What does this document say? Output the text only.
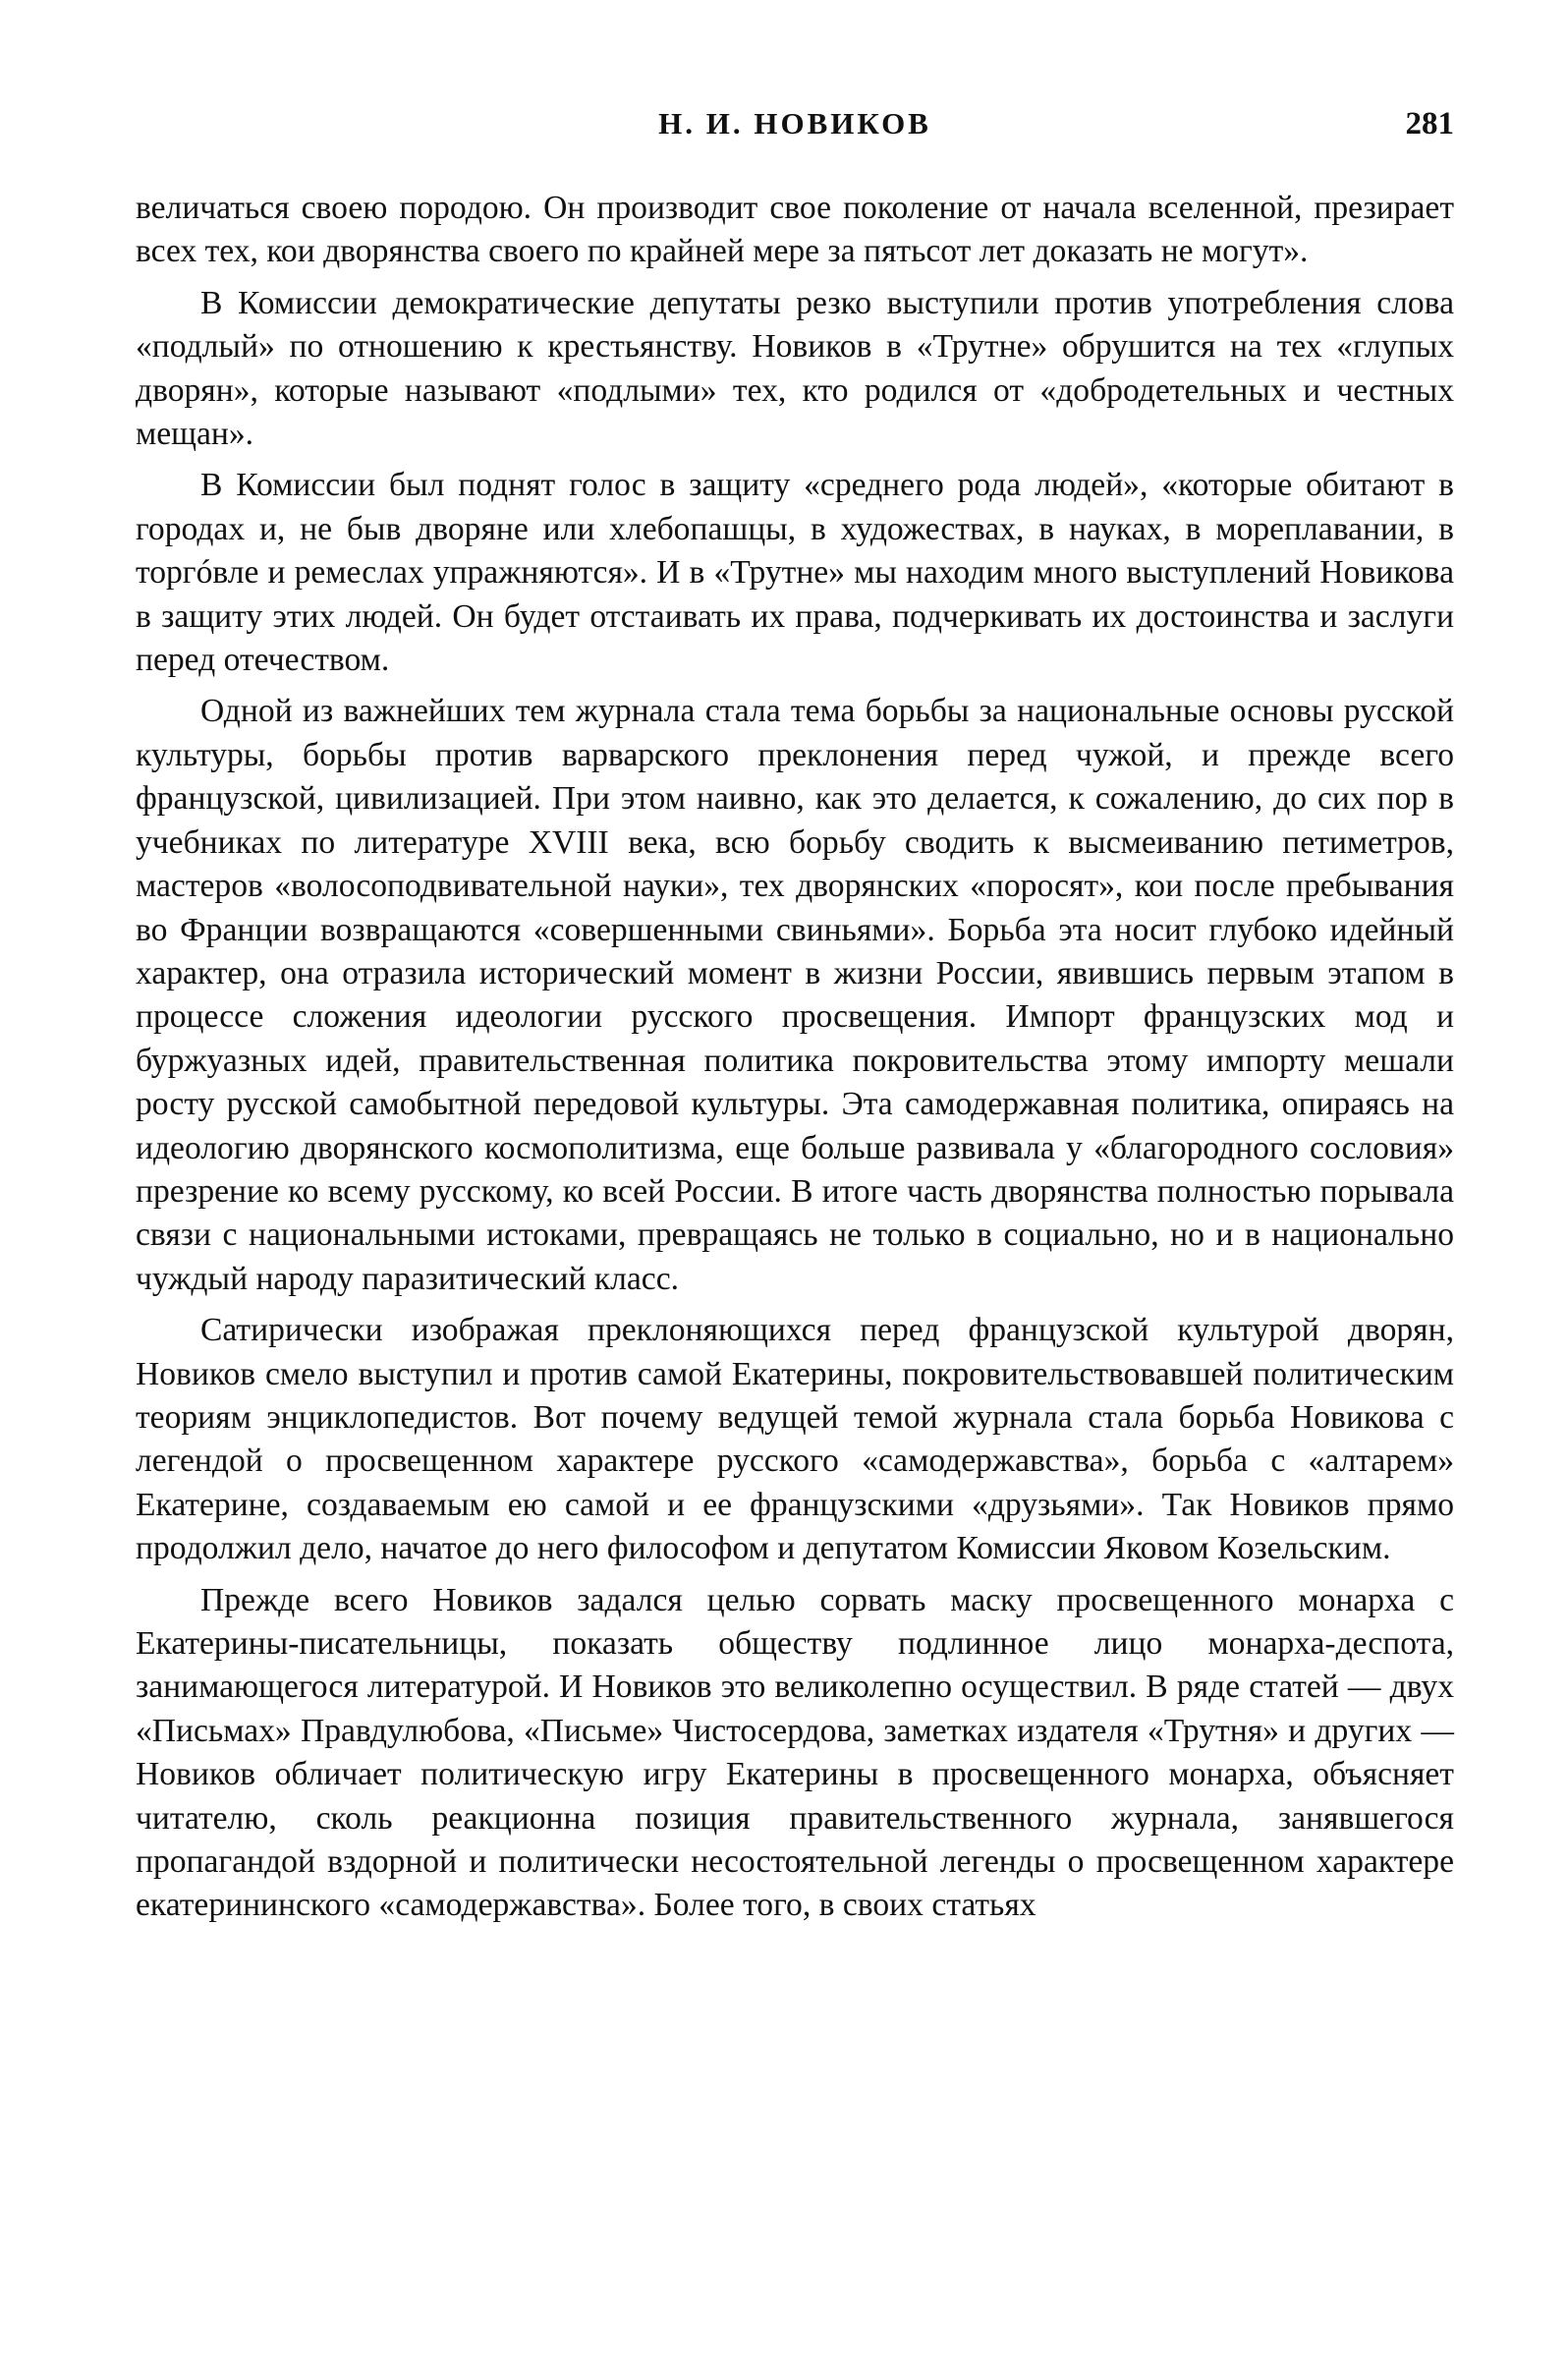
Н. И. НОВИКОВ	281

величаться своею породою. Он производит свое поколение от начала вселенной, презирает всех тех, кои дворянства своего по крайней мере за пятьсот лет доказать не могут».

В Комиссии демократические депутаты резко выступили против употребления слова «подлый» по отношению к крестьянству. Новиков в «Трутне» обрушится на тех «глупых дворян», которые называют «подлыми» тех, кто родился от «добродетельных и честных мещан».

В Комиссии был поднят голос в защиту «среднего рода людей», «которые обитают в городах и, не быв дворяне или хлебопашцы, в художествах, в науках, в мореплавании, в торгóвле и ремеслах упражняются». И в «Трутне» мы находим много выступлений Новикова в защиту этих людей. Он будет отстаивать их права, подчеркивать их достоинства и заслуги перед отечеством.

Одной из важнейших тем журнала стала тема борьбы за национальные основы русской культуры, борьбы против варварского преклонения перед чужой, и прежде всего французской, цивилизацией. При этом наивно, как это делается, к сожалению, до сих пор в учебниках по литературе XVIII века, всю борьбу сводить к высмеиванию петиметров, мастеров «волосоподвивательной науки», тех дворянских «поросят», кои после пребывания во Франции возвращаются «совершенными свиньями». Борьба эта носит глубоко идейный характер, она отразила исторический момент в жизни России, явившись первым этапом в процессе сложения идеологии русского просвещения. Импорт французских мод и буржуазных идей, правительственная политика покровительства этому импорту мешали росту русской самобытной передовой культуры. Эта самодержавная политика, опираясь на идеологию дворянского космополитизма, еще больше развивала у «благородного сословия» презрение ко всему русскому, ко всей России. В итоге часть дворянства полностью порывала связи с национальными истоками, превращаясь не только в социально, но и в национально чуждый народу паразитический класс.

Сатирически изображая преклоняющихся перед французской культурой дворян, Новиков смело выступил и против самой Екатерины, покровительствовавшей политическим теориям энциклопедистов. Вот почему ведущей темой журнала стала борьба Новикова с легендой о просвещенном характере русского «самодержавства», борьба с «алтарем» Екатерине, создаваемым ею самой и ее французскими «друзьями». Так Новиков прямо продолжил дело, начатое до него философом и депутатом Комиссии Яковом Козельским.

Прежде всего Новиков задался целью сорвать маску просвещенного монарха с Екатерины-писательницы, показать обществу подлинное лицо монарха-деспота, занимающегося литературой. И Новиков это великолепно осуществил. В ряде статей — двух «Письмах» Правдулюбова, «Письме» Чистосердова, заметках издателя «Трутня» и других — Новиков обличает политическую игру Екатерины в просвещенного монарха, объясняет читателю, сколь реакционна позиция правительственного журнала, занявшегося пропагандой вздорной и политически несостоятельной легенды о просвещенном характере екатерининского «самодержавства». Более того, в своих статьях
